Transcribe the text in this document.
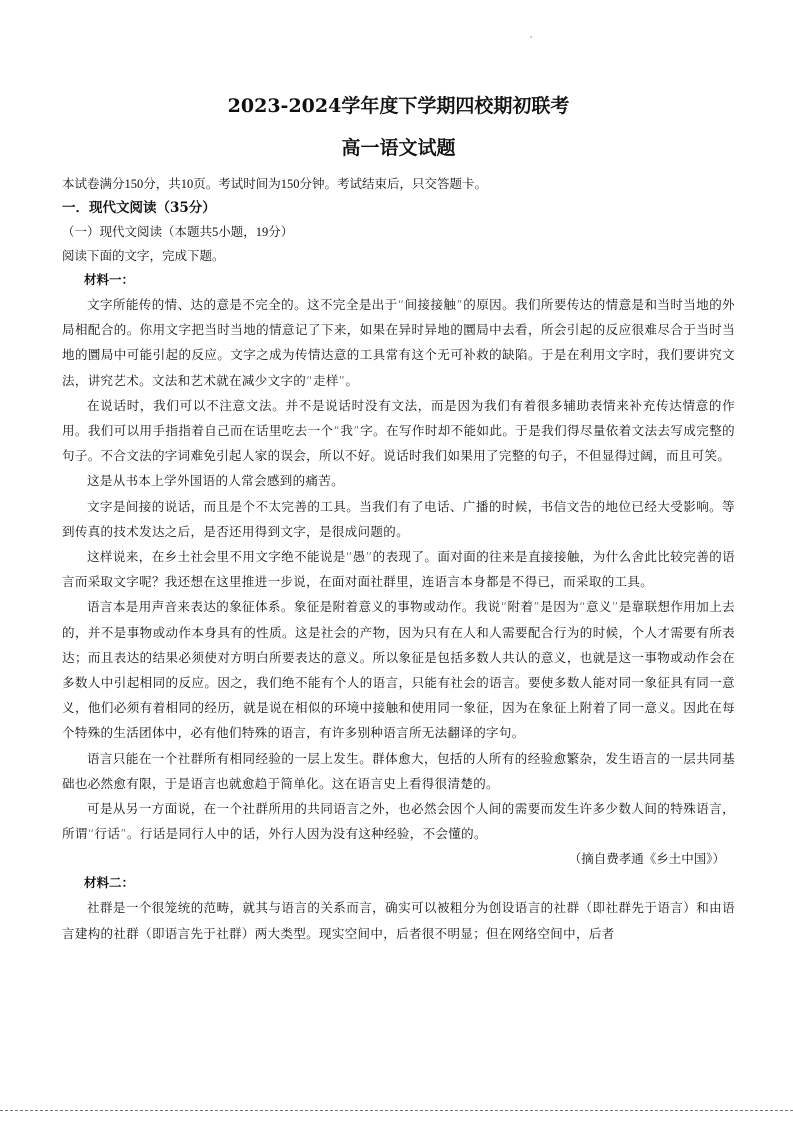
2023-2024学年度下学期四校期初联考
高一语文试题

本试卷满分150分，共10页。考试时间为150分钟。考试结束后，只交答题卡。

一．现代文阅读（35分）

（一）现代文阅读（本题共5小题，19分）

阅读下面的文字，完成下题。

材料一：

文字所能传的情、达的意是不完全的。这不完全是出于“间接接触”的原因。我们所要传达的情意是和当时当地的外局相配合的。你用文字把当时当地的情意记了下来，如果在异时异地的圜局中去看，所会引起的反应很难尽合于当时当地的圜局中可能引起的反应。文字之成为传情达意的工具常有这个无可补救的缺陷。于是在利用文字时，我们要讲究文法，讲究艺术。文法和艺术就在减少文字的“走样”。

在说话时，我们可以不注意文法。并不是说话时没有文法，而是因为我们有着很多辅助表情来补充传达情意的作用。我们可以用手指指着自己而在话里吃去一个“我”字。在写作时却不能如此。于是我们得尽量依着文法去写成完整的句子。不合文法的字词难免引起人家的误会，所以不好。说话时我们如果用了完整的句子，不但显得过阔，而且可笑。

这是从书本上学外国语的人常会感到的痛苦。

文字是间接的说话，而且是个不太完善的工具。当我们有了电话、广播的时候，书信文告的地位已经大受影响。等到传真的技术发达之后，是否还用得到文字，是很成问题的。

这样说来，在乡土社会里不用文字绝不能说是“愚”的表现了。面对面的往来是直接接触，为什么舍此比较完善的语言而采取文字呢？我还想在这里推进一步说，在面对面社群里，连语言本身都是不得已，而采取的工具。

语言本是用声音来表达的象征体系。象征是附着意义的事物或动作。我说“附着”是因为“意义”是靠联想作用加上去的，并不是事物或动作本身具有的性质。这是社会的产物，因为只有在人和人需要配合行为的时候，个人才需要有所表达；而且表达的结果必须使对方明白所要表达的意义。所以象征是包括多数人共认的意义，也就是这一事物或动作会在多数人中引起相同的反应。因之，我们绝不能有个人的语言，只能有社会的语言。要使多数人能对同一象征具有同一意义，他们必须有着相同的经历，就是说在相似的环境中接触和使用同一象征，因为在象征上附着了同一意义。因此在每个特殊的生活团体中，必有他们特殊的语言，有许多别种语言所无法翻译的字句。

语言只能在一个社群所有相同经验的一层上发生。群体愈大，包括的人所有的经验愈繁杂，发生语言的一层共同基础也必然愈有限，于是语言也就愈趋于简单化。这在语言史上看得很清楚的。

可是从另一方面说，在一个社群所用的共同语言之外，也必然会因个人间的需要而发生许多少数人间的特殊语言，所谓“行话”。行话是同行人中的话，外行人因为没有这种经验，不会懂的。

（摘自费孝通《乡土中国》）

材料二：

社群是一个很笼统的范畴，就其与语言的关系而言，确实可以被粗分为创设语言的社群（即社群先于语言）和由语言建构的社群（即语言先于社群）两大类型。现实空间中，后者很不明显；但在网络空间中，后者
